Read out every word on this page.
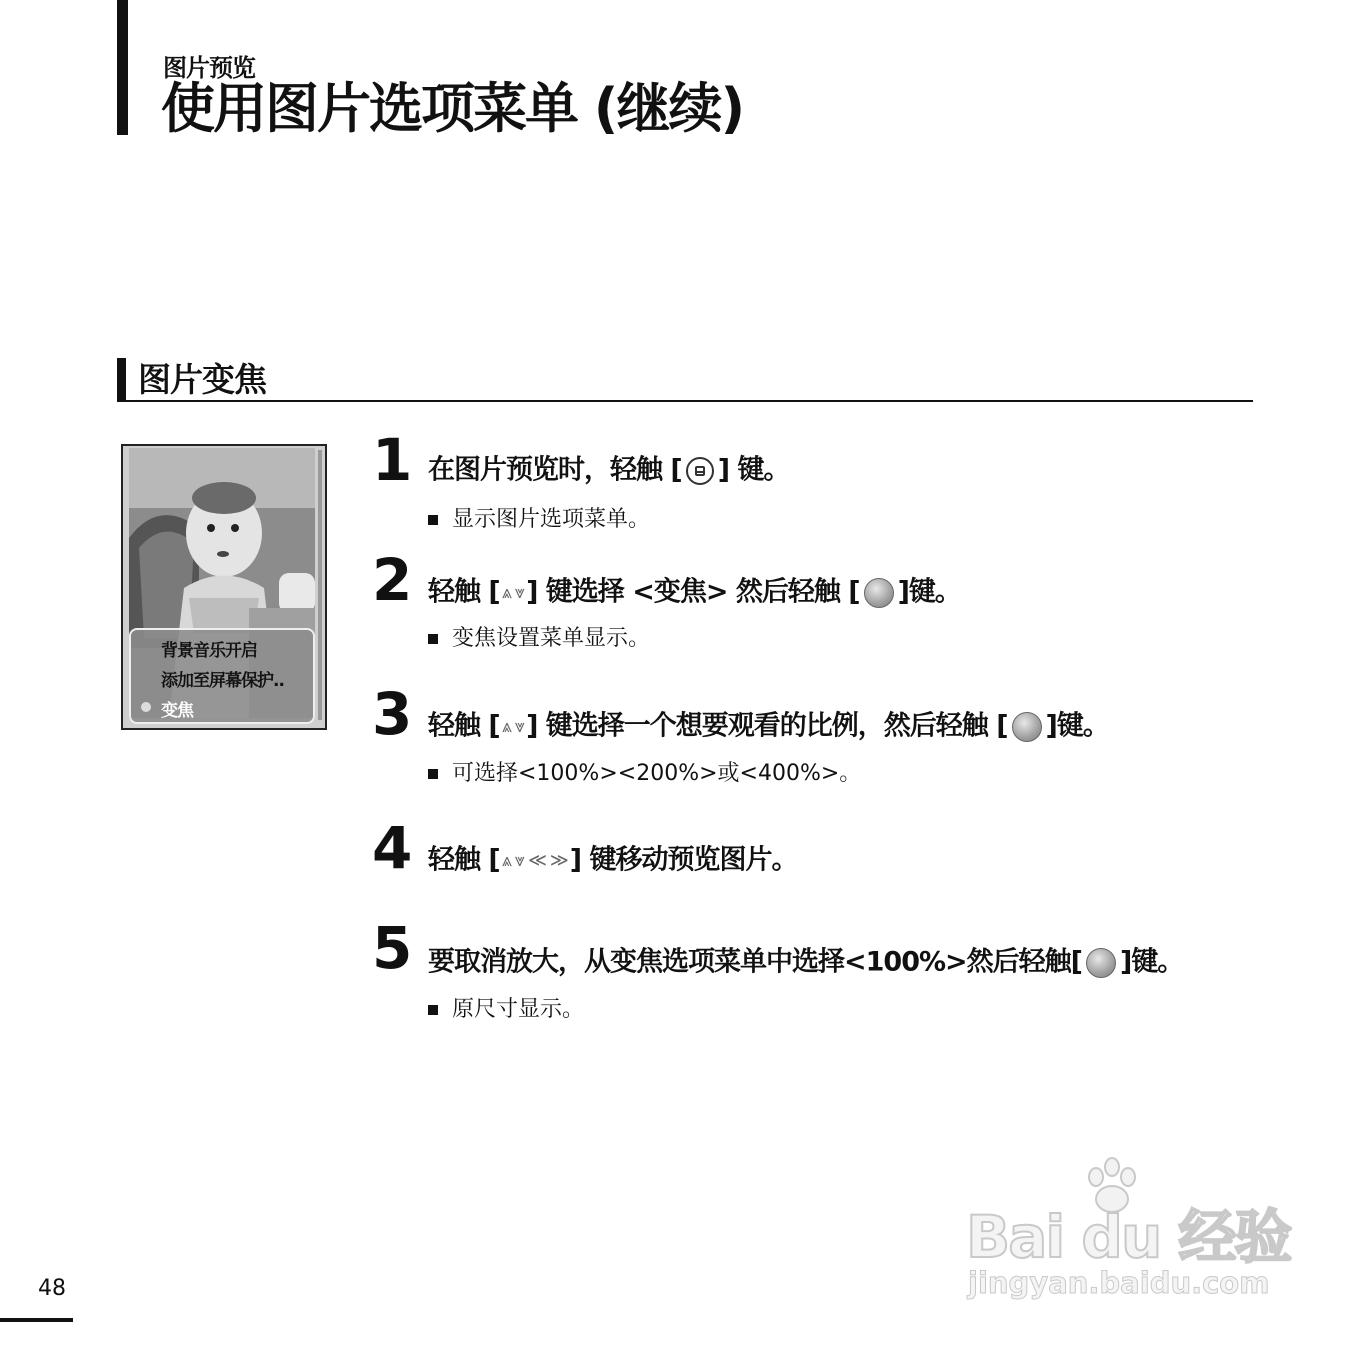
图片预览
使用图片选项菜单 (继续)
图片变焦
背景音乐开启
添加至屏幕保护..
变焦
1 在图片预览时，轻触 [ ] 键。
显示图片选项菜单。
2 轻触 [ ⩓ ⩔] 键选择 <变焦> 然后轻触 [ ]键。
变焦设置菜单显示。
3 轻触 [ ⩓ ⩔] 键选择一个想要观看的比例，然后轻触 [ ]键。
可选择<100%><200%>或<400%>。
4 轻触 [ ⩓ ⩔ ≪ ≫] 键移动预览图片。
5 要取消放大，从变焦选项菜单中选择<100%>然后轻触[ ]键。
原尺寸显示。
48
Bai du 经验
jingyan.baidu.com
